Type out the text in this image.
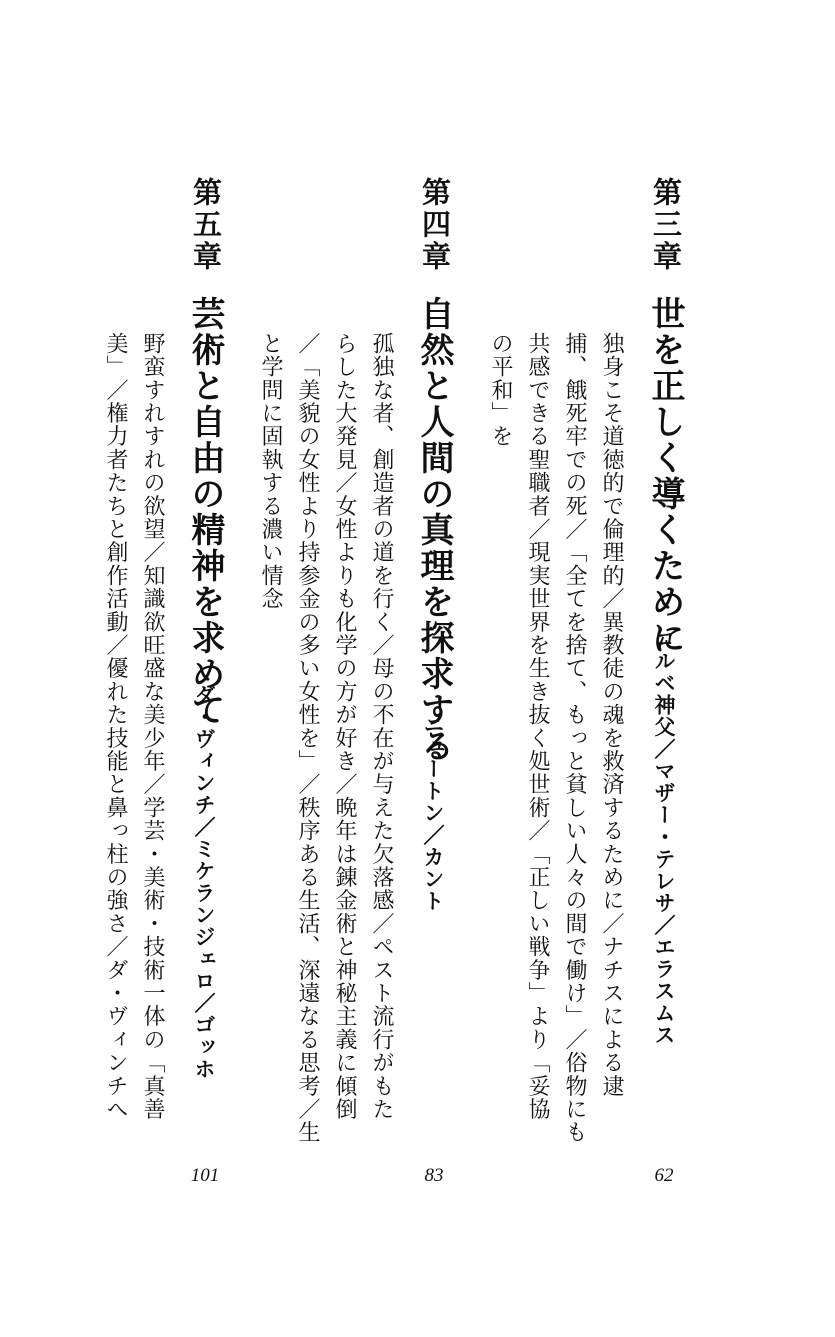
第三章
世を正しく導くために
コルベ神父／マザー・テレサ／エラスムス
独身こそ道徳的で倫理的／異教徒の魂を救済するために／ナチスによる逮
捕、餓死牢での死／「全てを捨て、もっと貧しい人々の間で働け」／俗物にも
共感できる聖職者／現実世界を生き抜く処世術／「正しい戦争」より「妥協
の平和」を
62
第四章
自然と人間の真理を探求する
ニュートン／カント
孤独な者、創造者の道を行く／母の不在が与えた欠落感／ペスト流行がもた
らした大発見／女性よりも化学の方が好き／晩年は錬金術と神秘主義に傾倒
／「美貌の女性より持参金の多い女性を」／秩序ある生活、深遠なる思考／生
と学問に固執する濃い情念
83
第五章
芸術と自由の精神を求めて
ダ・ヴィンチ／ミケランジェロ／ゴッホ
野蛮すれすれの欲望／知識欲旺盛な美少年／学芸・美術・技術一体の「真善
美」／権力者たちと創作活動／優れた技能と鼻っ柱の強さ／ダ・ヴィンチへ
101
